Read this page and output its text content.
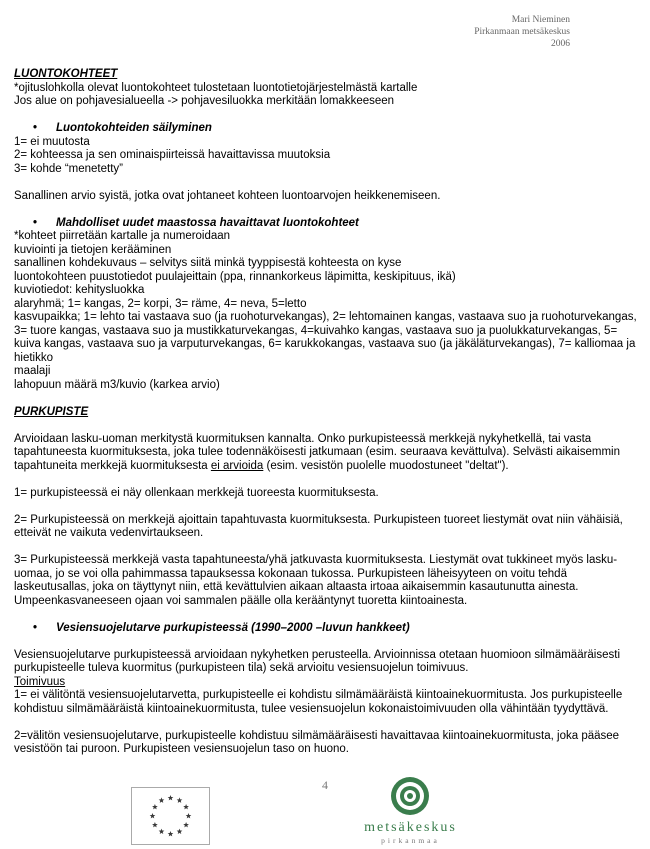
Mari Nieminen
Pirkanmaan metsäkeskus
2006

LUONTOKOHTEET

*ojituslohkolla olevat luontokohteet tulostetaan luontotietojärjestelmästä kartalle

Jos alue on pohjavesialueella -> pohjavesiluokka merkitään lomakkeeseen

•	Luontokohteiden säilyminen

1= ei muutosta

2= kohteessa ja sen ominaispiirteissä havaittavissa muutoksia

3= kohde “menetetty”

Sanallinen arvio syistä, jotka ovat johtaneet kohteen luontoarvojen heikkenemiseen.

•	Mahdolliset uudet maastossa havaittavat luontokohteet

*kohteet piirretään kartalle ja numeroidaan

kuviointi ja tietojen kerääminen

sanallinen kohdekuvaus – selvitys siitä minkä tyyppisestä kohteesta on kyse

luontokohteen puustotiedot puulajeittain (ppa, rinnankorkeus läpimitta, keskipituus, ikä)

kuviotiedot: kehitysluokka

alaryhmä; 1= kangas, 2= korpi, 3= räme, 4= neva, 5=letto

kasvupaikka; 1= lehto tai vastaava suo (ja ruohoturvekangas), 2= lehtomainen kangas, vastaava suo ja ruohoturvekangas, 3= tuore kangas, vastaava suo ja mustikkaturvekangas, 4=kuivahko kangas, vastaava suo ja puolukkaturvekangas, 5= kuiva kangas, vastaava suo ja varputurvekangas, 6= karukkokangas, vastaava suo (ja jäkäläturvekangas), 7= kalliomaa ja hietikko

maalaji

lahopuun määrä m3/kuvio (karkea arvio)

PURKUPISTE

Arvioidaan lasku-uoman merkitystä kuormituksen kannalta. Onko purkupisteessä merkkejä nykyhetkellä, tai vasta tapahtuneesta kuormituksesta, joka tulee todennäköisesti jatkumaan (esim. seuraava kevättulva). Selvästi aikaisemmin tapahtuneita merkkejä kuormituksesta ei arvioida (esim. vesistön puolelle muodostuneet "deltat").

1= purkupisteessä ei näy ollenkaan merkkejä tuoreesta kuormituksesta.

2= Purkupisteessä on merkkejä ajoittain tapahtuvasta kuormituksesta. Purkupisteen tuoreet liestymät ovat niin vähäisiä, etteivät ne vaikuta vedenvirtaukseen.

3= Purkupisteessä merkkejä vasta tapahtuneesta/yhä jatkuvasta kuormituksesta. Liestymät ovat tukkineet myös lasku-uomaa, jo se voi olla pahimmassa tapauksessa kokonaan tukossa. Purkupisteen läheisyyteen on voitu tehdä laskeutusallas, joka on täyttynyt niin, että kevättulvien aikaan altaasta irtoaa aikaisemmin kasautunutta ainesta. Umpeenkasvaneeseen ojaan voi sammalen päälle olla kerääntynyt tuoretta kiintoainesta.

•	Vesiensuojelutarve purkupisteessä (1990–2000 –luvun hankkeet)

Vesiensuojelutarve purkupisteessä arvioidaan nykyhetken perusteella. Arvioinnissa otetaan huomioon silmämääräisesti purkupisteelle tuleva kuormitus (purkupisteen tila) sekä arvioitu vesiensuojelun toimivuus.

Toimivuus

1= ei välitöntä vesiensuojelutarvetta, purkupisteelle ei kohdistu silmämääräistä kiintoainekuormitusta. Jos purkupisteelle kohdistuu silmämääräistä kiintoainekuormitusta, tulee vesiensuojelun kokonaistoimivuuden olla vähintään tyydyttävä.

2=välitön vesiensuojelutarve, purkupisteelle kohdistuu silmämääräisesti havaittavaa kiintoainekuormitusta, joka pääsee vesistöön tai puroon. Purkupisteen vesiensuojelun taso on huono.

4
metsäkeskus
pirkanmaa
